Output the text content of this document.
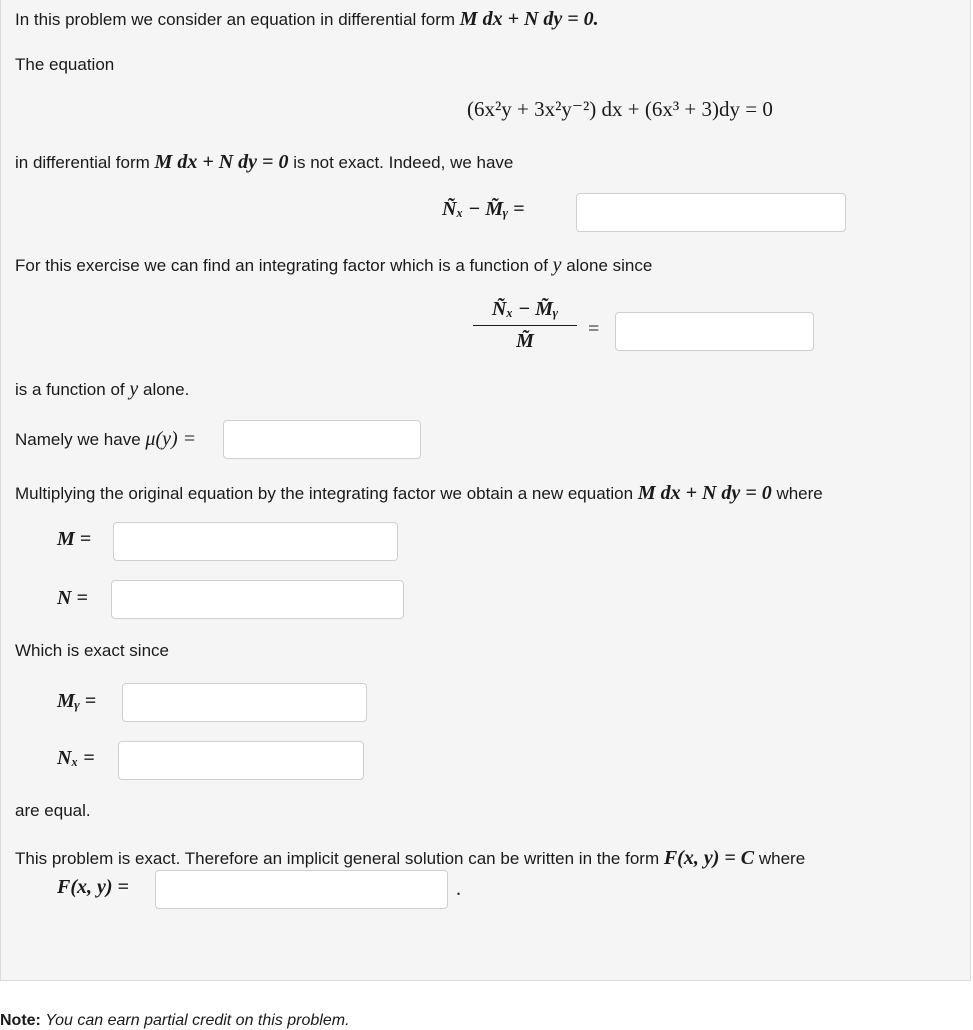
In this problem we consider an equation in differential form M dx + N dy = 0.
The equation
(6x²y + 3x²y⁻²) dx + (6x³ + 3)dy = 0
in differential form M dx + N dy = 0 is not exact. Indeed, we have
Ñₓ − M̃ᵧ =
For this exercise we can find an integrating factor which is a function of y alone since
Ñₓ − M̃ᵧ
M̃
=
is a function of y alone.
Namely we have μ(y) =
Multiplying the original equation by the integrating factor we obtain a new equation M dx + N dy = 0 where
M =
N =
Which is exact since
Mᵧ =
Nₓ =
are equal.
This problem is exact. Therefore an implicit general solution can be written in the form F(x, y) = C where
F(x, y) =	.
Note: You can earn partial credit on this problem.
